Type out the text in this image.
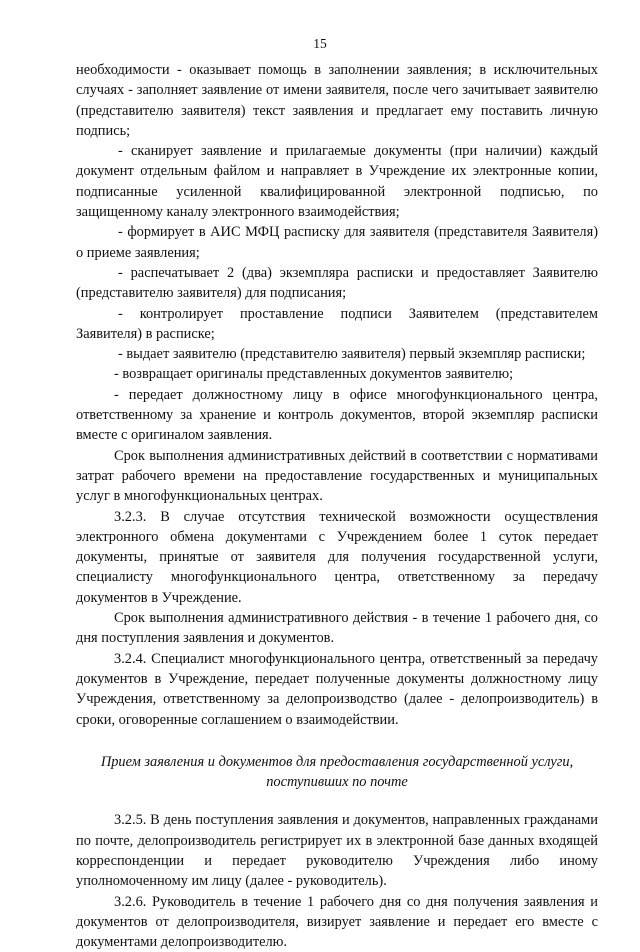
15

необходимости - оказывает помощь в заполнении заявления; в исключительных случаях - заполняет заявление от имени заявителя, после чего зачитывает заявителю (представителю заявителя) текст заявления и предлагает ему поставить личную подпись;

- сканирует заявление и прилагаемые документы (при наличии) каждый документ отдельным файлом и направляет в Учреждение их электронные копии, подписанные усиленной квалифицированной электронной подписью, по защищенному каналу электронного взаимодействия;

- формирует в АИС МФЦ расписку для заявителя (представителя Заявителя) о приеме заявления;

- распечатывает 2 (два) экземпляра расписки и предоставляет Заявителю (представителю заявителя) для подписания;

- контролирует проставление подписи Заявителем (представителем Заявителя) в расписке;

- выдает заявителю (представителю заявителя) первый экземпляр расписки;

- возвращает оригиналы представленных документов заявителю;

- передает должностному лицу в офисе многофункционального центра, ответственному за хранение и контроль документов, второй экземпляр расписки вместе с оригиналом заявления.

Срок выполнения административных действий в соответствии с нормативами затрат рабочего времени на предоставление государственных и муниципальных услуг в многофункциональных центрах.

3.2.3. В случае отсутствия технической возможности осуществления электронного обмена документами с Учреждением более 1 суток передает документы, принятые от заявителя для получения государственной услуги, специалисту многофункционального центра, ответственному за передачу документов в Учреждение.

Срок выполнения административного действия - в течение 1 рабочего дня, со дня поступления заявления и документов.

3.2.4. Специалист многофункционального центра, ответственный за передачу документов в Учреждение, передает полученные документы должностному лицу Учреждения, ответственному за делопроизводство (далее - делопроизводитель) в сроки, оговоренные соглашением о взаимодействии.

Прием заявления и документов для предоставления государственной услуги, поступивших по почте

3.2.5. В день поступления заявления и документов, направленных гражданами по почте, делопроизводитель регистрирует их в электронной базе данных входящей корреспонденции и передает руководителю Учреждения либо иному уполномоченному им лицу (далее - руководитель).

3.2.6. Руководитель в течение 1 рабочего дня со дня получения заявления и документов от делопроизводителя, визирует заявление и передает его вместе с документами делопроизводителю.
